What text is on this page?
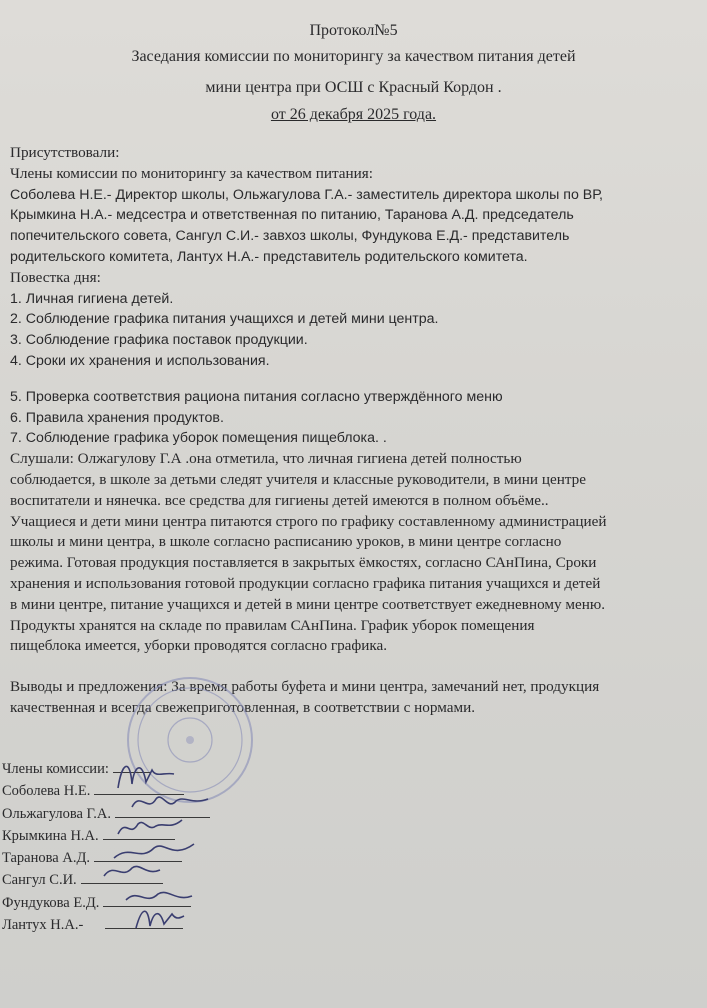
Протокол№5
Заседания комиссии по мониторингу за качеством питания детей
мини центра при ОСШ с Красный Кордон .
от 26 декабря 2025 года.
Присутствовали:
Члены комиссии по мониторингу за качеством питания:
Соболева Н.Е.- Директор школы, Ольжагулова Г.А.- заместитель директора школы по ВР,
Крымкина Н.А.- медсестра и ответственная по питанию, Таранова А.Д. председатель
попечительского совета, Сангул С.И.- завхоз школы, Фундукова Е.Д.- представитель
родительского комитета, Лантух Н.А.- представитель родительского комитета.
Повестка дня:
1. Личная гигиена детей.
2. Соблюдение графика питания учащихся и детей мини центра.
3. Соблюдение графика поставок продукции.
4. Сроки их хранения и использования.
5. Проверка соответствия рациона питания согласно утверждённого меню
6. Правила хранения продуктов.
7. Соблюдение графика уборок помещения пищеблока. .
Слушали: Олжагулову Г.А .она отметила, что личная гигиена детей полностью
соблюдается, в школе за детьми следят учителя и классные руководители, в мини центре
воспитатели и нянечка. все средства для гигиены детей имеются в полном объёме..
Учащиеся и дети мини центра питаются строго по графику составленному администрацией
школы и мини центра, в школе согласно расписанию уроков, в мини центре согласно
режима. Готовая продукция поставляется в закрытых ёмкостях, согласно САнПина, Сроки
хранения и использования готовой продукции согласно графика питания учащихся и детей
в мини центре, питание учащихся и детей в мини центре соответствует ежедневному меню.
Продукты хранятся на складе по правилам САнПина. График уборок помещения
пищеблока имеется, уборки проводятся согласно графика.
Выводы и предложения: За время работы буфета и мини центра, замечаний нет, продукция
качественная и всегда свежеприготовленная, в соответствии с нормами.
Члены комиссии:
Соболева Н.Е.
Ольжагулова Г.А.
Крымкина Н.А.
Таранова А.Д.
Сангул С.И.
Фундукова Е.Д.
Лантух Н.А.-
